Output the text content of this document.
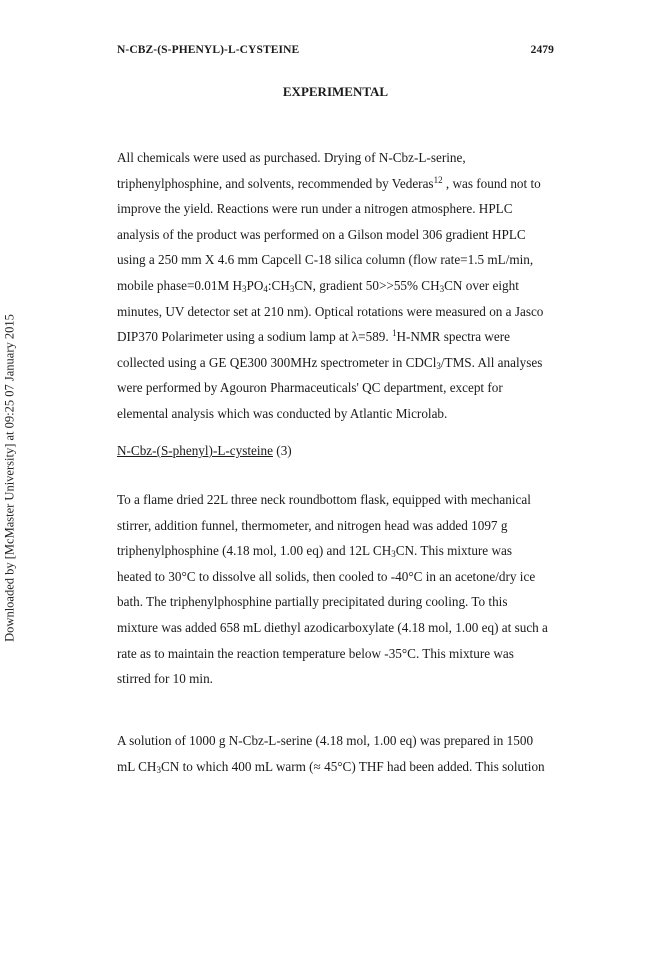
Downloaded by [McMaster University] at 09:25 07 January 2015
N-CBZ-(S-PHENYL)-L-CYSTEINE	2479
EXPERIMENTAL
All chemicals were used as purchased. Drying of N-Cbz-L-serine,
triphenylphosphine, and solvents, recommended by Vederas$^{12}$ , was found not to
improve the yield. Reactions were run under a nitrogen atmosphere. HPLC
analysis of the product was performed on a Gilson model 306 gradient HPLC
using a 250 mm X 4.6 mm Capcell C-18 silica column (flow rate=1.5 mL/min,
mobile phase=0.01M $H_3PO_4:CH_3CN$, gradient 50>>55% $CH_3CN$ over eight
minutes, UV detector set at 210 nm). Optical rotations were measured on a Jasco
DIP370 Polarimeter using a sodium lamp at λ=589. $^1$H-NMR spectra were
collected using a GE QE300 300MHz spectrometer in CDCl$_3$/TMS. All analyses
were performed by Agouron Pharmaceuticals' QC department, except for
elemental analysis which was conducted by Atlantic Microlab.
N-Cbz-(S-phenyl)-L-cysteine (3)
To a flame dried 22L three neck roundbottom flask, equipped with mechanical
stirrer, addition funnel, thermometer, and nitrogen head was added 1097 g
triphenylphosphine (4.18 mol, 1.00 eq) and 12L $CH_3CN$. This mixture was
heated to 30°C to dissolve all solids, then cooled to -40°C in an acetone/dry ice
bath. The triphenylphosphine partially precipitated during cooling. To this
mixture was added 658 mL diethyl azodicarboxylate (4.18 mol, 1.00 eq) at such a
rate as to maintain the reaction temperature below -35°C. This mixture was
stirred for 10 min.
A solution of 1000 g N-Cbz-L-serine (4.18 mol, 1.00 eq) was prepared in 1500
mL $CH_3CN$ to which 400 mL warm (≈ 45°C) THF had been added. This solution
